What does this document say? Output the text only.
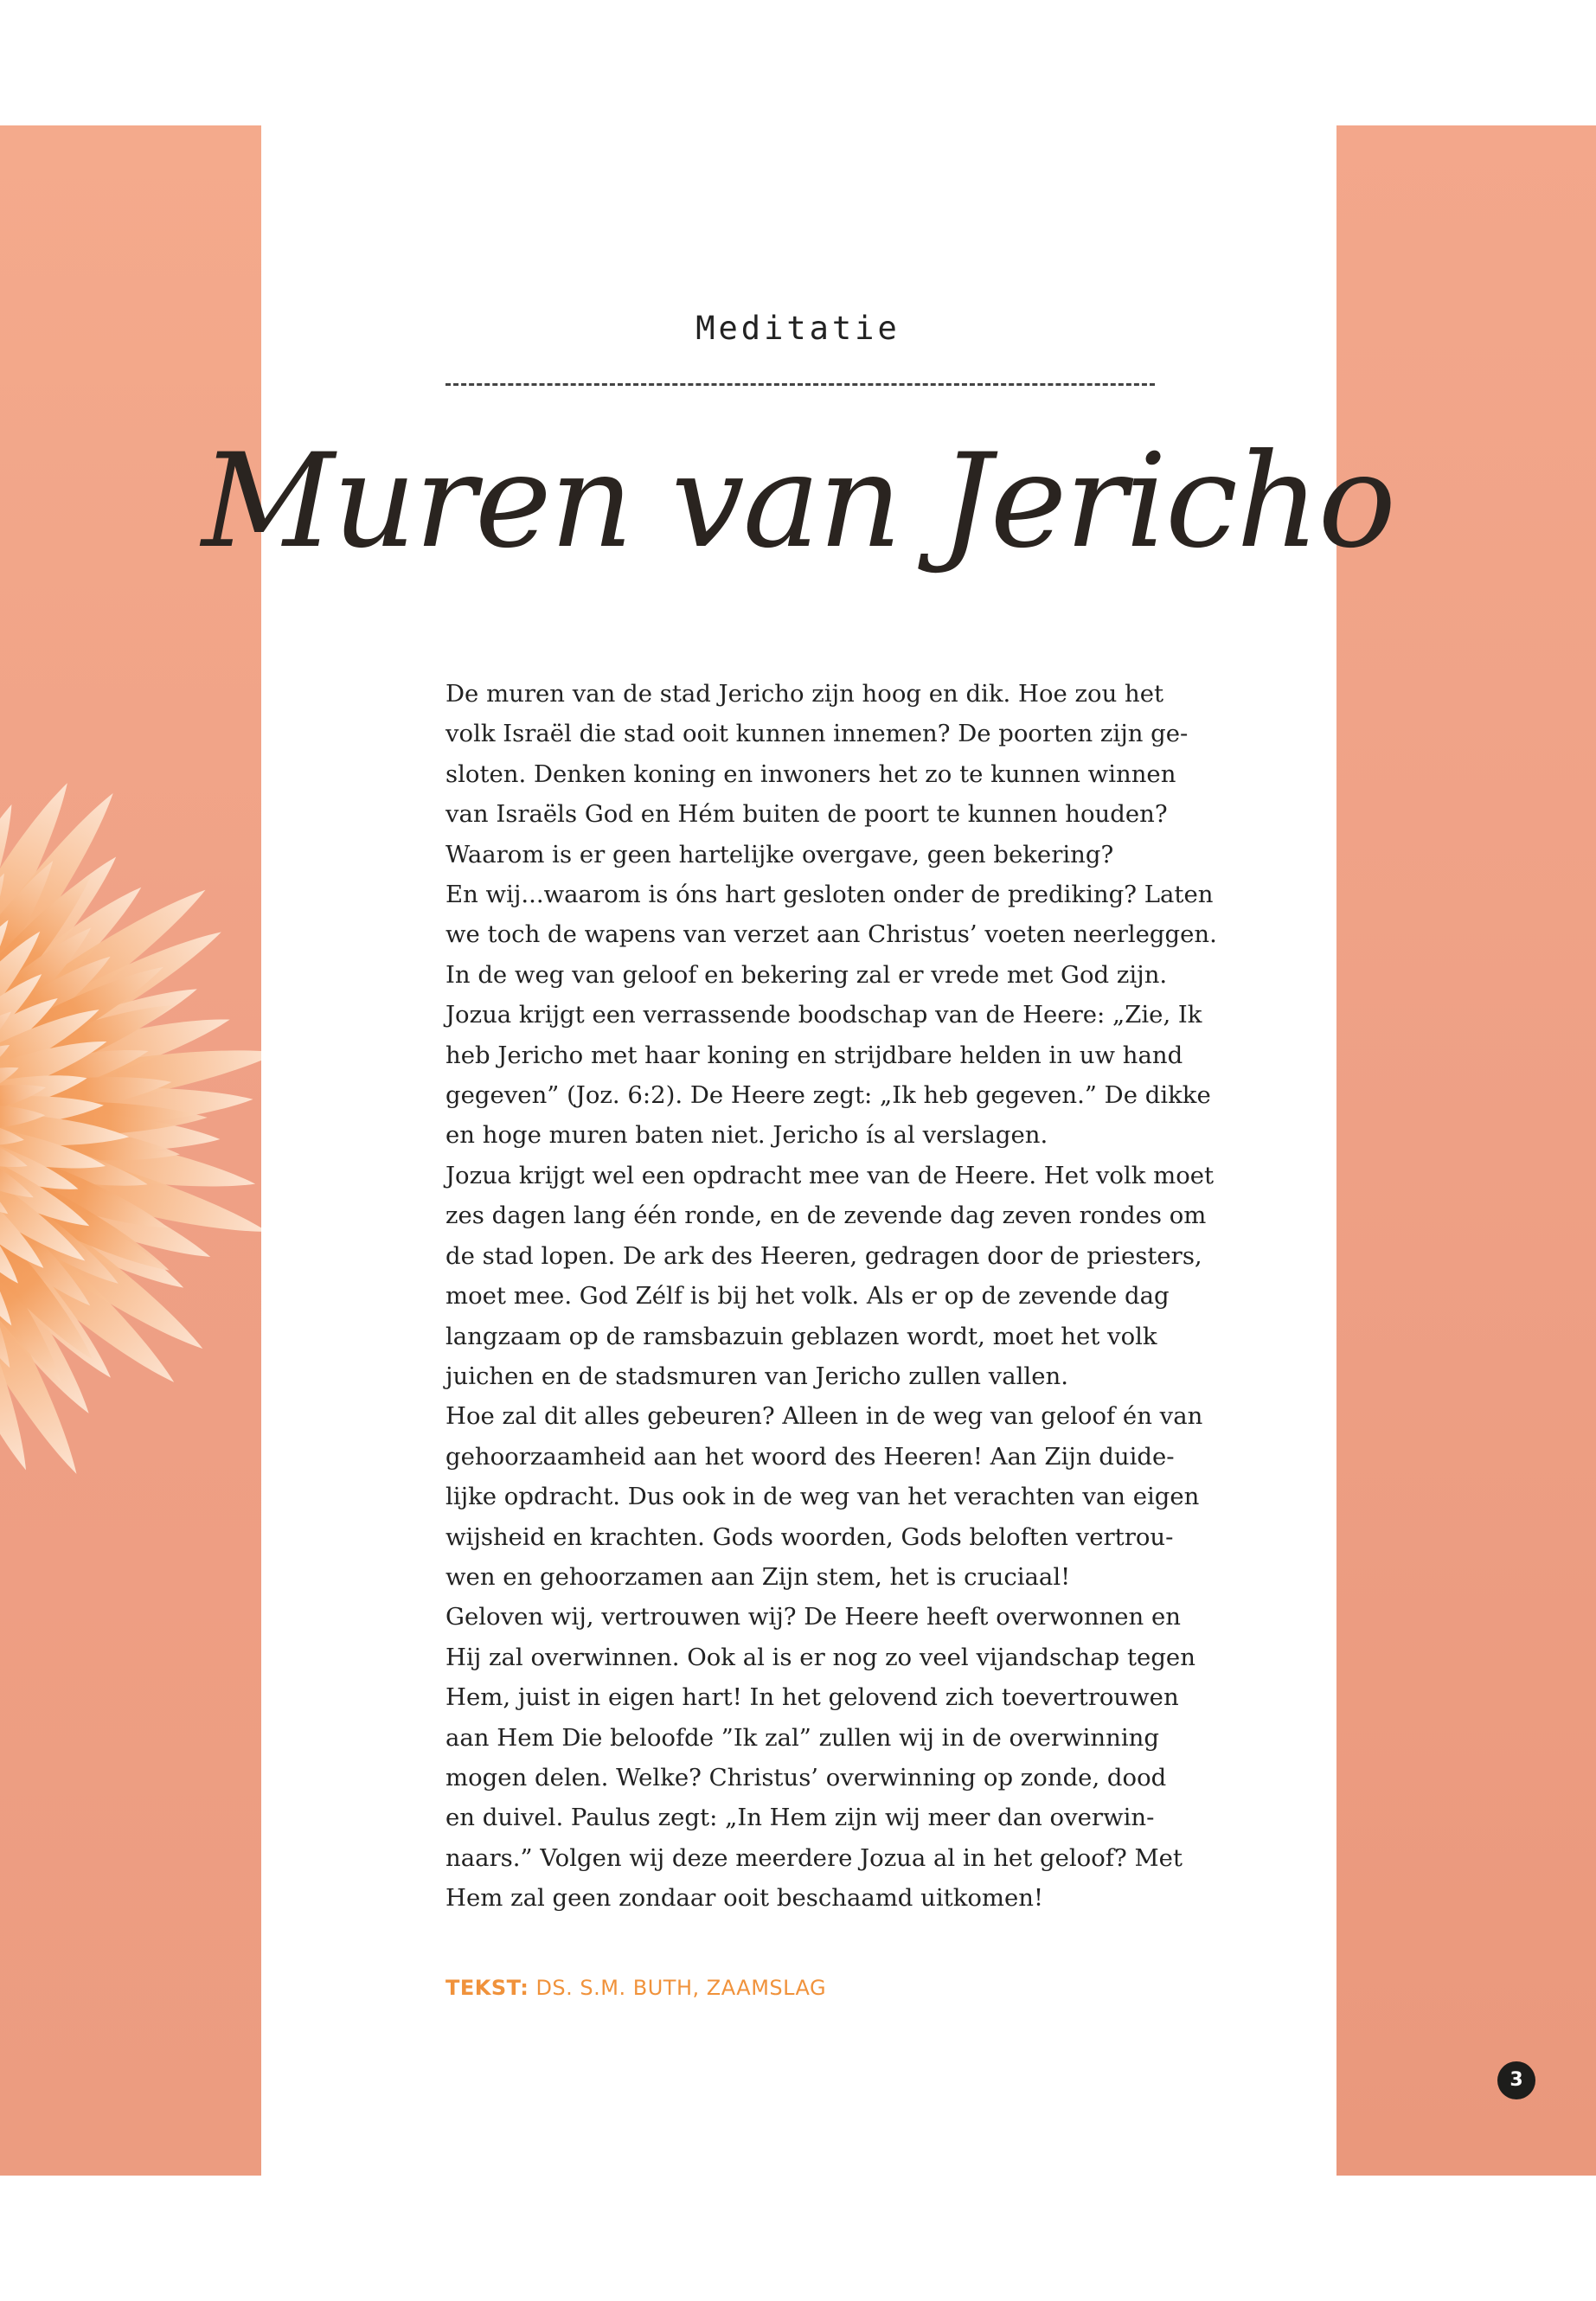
Meditatie
Muren van Jericho
De muren van de stad Jericho zijn hoog en dik. Hoe zou het
volk Israël die stad ooit kunnen innemen? De poorten zijn ge-
sloten. Denken koning en inwoners het zo te kunnen winnen
van Israëls God en Hém buiten de poort te kunnen houden?
Waarom is er geen hartelijke overgave, geen bekering?
En wij...waarom is óns hart gesloten onder de prediking? Laten
we toch de wapens van verzet aan Christus’ voeten neerleggen.
In de weg van geloof en bekering zal er vrede met God zijn.
Jozua krijgt een verrassende boodschap van de Heere: „Zie, Ik
heb Jericho met haar koning en strijdbare helden in uw hand
gegeven” (Joz. 6:2). De Heere zegt: „Ik heb gegeven.” De dikke
en hoge muren baten niet. Jericho ís al verslagen.
Jozua krijgt wel een opdracht mee van de Heere. Het volk moet
zes dagen lang één ronde, en de zevende dag zeven rondes om
de stad lopen. De ark des Heeren, gedragen door de priesters,
moet mee. God Zélf is bij het volk. Als er op de zevende dag
langzaam op de ramsbazuin geblazen wordt, moet het volk
juichen en de stadsmuren van Jericho zullen vallen.
Hoe zal dit alles gebeuren? Alleen in de weg van geloof én van
gehoorzaamheid aan het woord des Heeren! Aan Zijn duide-
lijke opdracht. Dus ook in de weg van het verachten van eigen
wijsheid en krachten. Gods woorden, Gods beloften vertrou-
wen en gehoorzamen aan Zijn stem, het is cruciaal!
Geloven wij, vertrouwen wij? De Heere heeft overwonnen en
Hij zal overwinnen. Ook al is er nog zo veel vijandschap tegen
Hem, juist in eigen hart! In het gelovend zich toevertrouwen
aan Hem Die beloofde ”Ik zal” zullen wij in de overwinning
mogen delen. Welke? Christus’ overwinning op zonde, dood
en duivel. Paulus zegt: „In Hem zijn wij meer dan overwin-
naars.” Volgen wij deze meerdere Jozua al in het geloof? Met
Hem zal geen zondaar ooit beschaamd uitkomen!
TEKST: DS. S.M. BUTH, ZAAMSLAG
3
